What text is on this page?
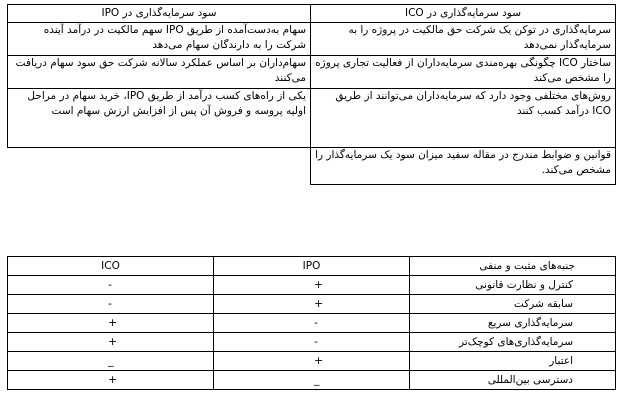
سود سرمایه‌گذاری در IPO	سود سرمایه‌گذاری در ICO
سهام به‌دست‌آمده از طریق IPO سهم مالکیت در درآمد آینده شرکت را به دارندگان سهام می‌دهد	سرمایه‌گذاری در توکن یک شرکت حق مالکیت در پروژه را به سرمایه‌گذار نمی‌دهد
سهام‌داران بر اساس عملکرد سالانه شرکت حق سود سهام دریافت می‌کنند	ساختار ICO چگونگی بهره‌مندی سرمایه‌داران از فعالیت تجاری پروژه را مشخص می‌کند
یکی از راه‌های کسب درآمد از طریق IPO، خرید سهام در مراحل اولیه پروسه و فروش آن پس از افزایش ارزش سهام است	روش‌های مختلفی وجود دارد که سرمایه‌داران می‌توانند از طریق ICO درآمد کسب کنند
	قوانین و ضوابط مندرج در مقاله سفید میزان سود یک سرمایه‌گذار را مشخص می‌کند.
ICO	IPO	جنبه‌های مثبت و منفی
-	+	کنترل و نظارت قانونی
-	+	سابقه شرکت
+	-	سرمایه‌گذاری سریع
+	-	سرمایه‌گذاری‌های کوچک‌تر
_	+	اعتبار
+	_	دسترسی بین‌المللی
